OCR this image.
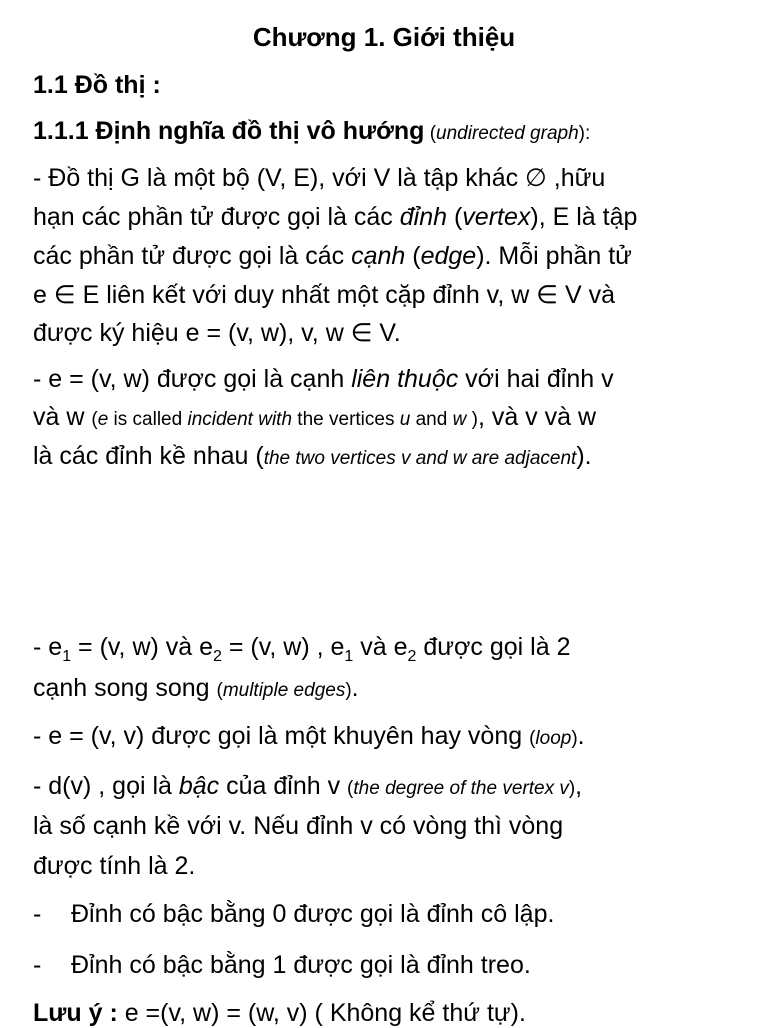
Chương 1. Giới thiệu
1.1 Đồ thị :
1.1.1 Định nghĩa đồ thị vô hướng (undirected graph):
- Đồ thị G là một bộ (V, E), với V là tập khác ∅ ,hữu
hạn các phần tử được gọi là các đỉnh (vertex), E là tập
các phần tử được gọi là các cạnh (edge). Mỗi phần tử
e ∈ E liên kết với duy nhất một cặp đỉnh v, w ∈ V và
được ký hiệu e = (v, w), v, w ∈ V.
- e = (v, w) được gọi là cạnh liên thuộc với hai đỉnh v
và w (e is called incident with the vertices u and w ), và v và w
là các đỉnh kề nhau (the two vertices v and w are adjacent).
- $e_1 = (v$, w) và $e_2 = (v$, w) , $e_1$ và $e_2$ được gọi là 2
cạnh song song (multiple edges).
- e = (v, v) được gọi là một khuyên hay vòng (loop).
- d(v) , gọi là bậc của đỉnh v (the degree of the vertex v),
là số cạnh kề với v. Nếu đỉnh v có vòng thì vòng
được tính là 2.
- Đỉnh có bậc bằng 0 được gọi là đỉnh cô lập.
- Đỉnh có bậc bằng 1 được gọi là đỉnh treo.
Lưu ý : e =(v, w) = (w, v) ( Không kể thứ tự).
